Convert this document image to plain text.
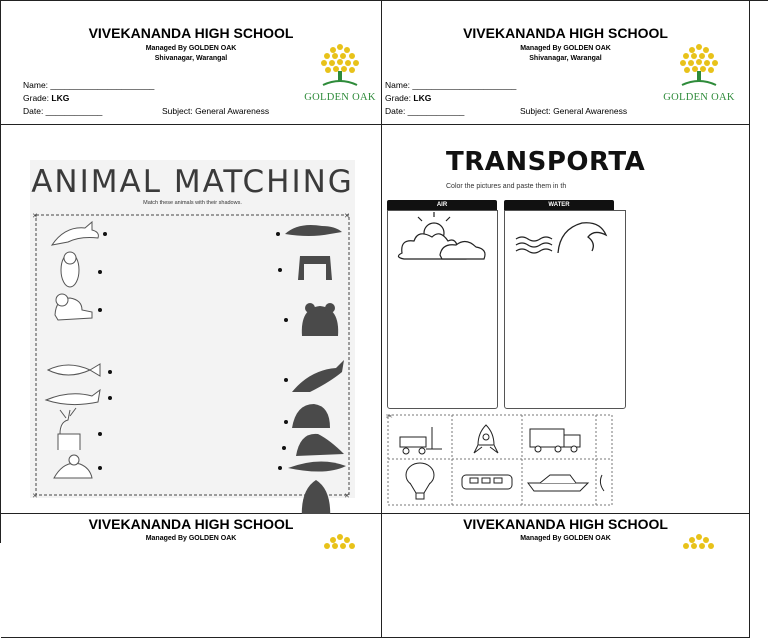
VIVEKANANDA HIGH SCHOOL
Managed By GOLDEN OAK
Shivanagar, Warangal
Name: ______________________
Grade: LKG
Date: ____________	Subject: General Awareness
GOLDEN OAK
VIVEKANANDA HIGH SCHOOL
Managed By GOLDEN OAK
Shivanagar, Warangal
Name: ______________________
Grade: LKG
Date: ____________	Subject: General Awareness
GOLDEN OAK
ANIMAL MATCHING
Match these animals with their shadows.
✕	✕
✕	✕
TRANSPORTA
Color the pictures and paste them in th
AIR	WATER
✂
VIVEKANANDA HIGH SCHOOL
Managed By GOLDEN OAK
VIVEKANANDA HIGH SCHOOL
Managed By GOLDEN OAK
